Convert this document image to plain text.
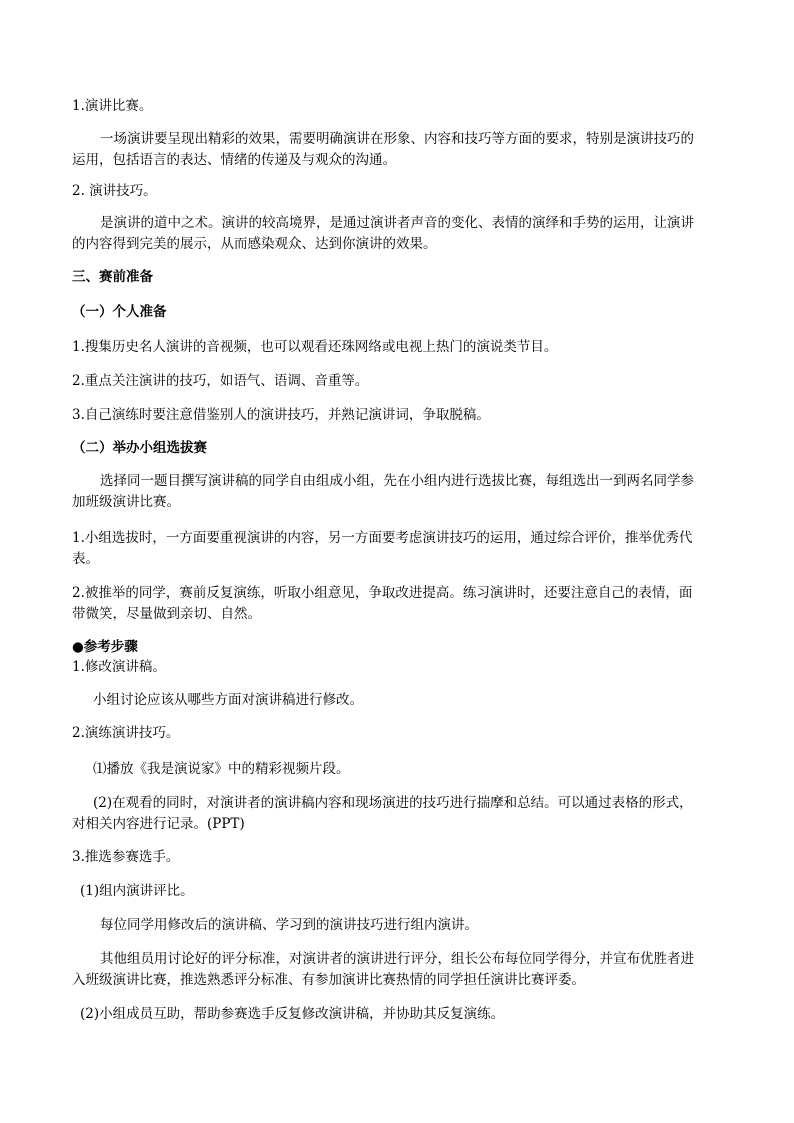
1.演讲比赛。
一场演讲要呈现出精彩的效果，需要明确演讲在形象、内容和技巧等方面的要求，特别是演讲技巧的
运用，包括语言的表达、情绪的传递及与观众的沟通。
2. 演讲技巧。
是演讲的道中之术。演讲的较高境界，是通过演讲者声音的变化、表情的演绎和手势的运用，让演讲
的内容得到完美的展示，从而感染观众、达到你演讲的效果。
三、赛前准备
（一）个人准备
1.搜集历史名人演讲的音视频，也可以观看还珠网络或电视上热门的演说类节目。
2.重点关注演讲的技巧，如语气、语调、音重等。
3.自己演练时要注意借鉴别人的演讲技巧，并熟记演讲词，争取脱稿。
（二）举办小组选拔赛
选择同一题目撰写演讲稿的同学自由组成小组，先在小组内进行选拔比赛，每组选出一到两名同学参
加班级演讲比赛。
1.小组选拔时，一方面要重视演讲的内容，另一方面要考虑演讲技巧的运用，通过综合评价，推举优秀代
表。
2.被推举的同学，赛前反复演练，听取小组意见，争取改进提高。练习演讲时，还要注意自己的表情，面
带微笑，尽量做到亲切、自然。
●参考步骤
1.修改演讲稿。
小组讨论应该从哪些方面对演讲稿进行修改。
2.演练演讲技巧。
⑴播放《我是演说家》中的精彩视频片段。
(2)在观看的同时，对演讲者的演讲稿内容和现场演进的技巧进行揣摩和总结。可以通过表格的形式，
对相关内容进行记录。(PPT)
3.推选参赛选手。
(1)组内演讲评比。
每位同学用修改后的演讲稿、学习到的演讲技巧进行组内演讲。
其他组员用讨论好的评分标准，对演讲者的演讲进行评分，组长公布每位同学得分，并宣布优胜者进
入班级演讲比赛，推选熟悉评分标准、有参加演讲比赛热情的同学担任演讲比赛评委。
(2)小组成员互助，帮助参赛选手反复修改演讲稿，并协助其反复演练。
